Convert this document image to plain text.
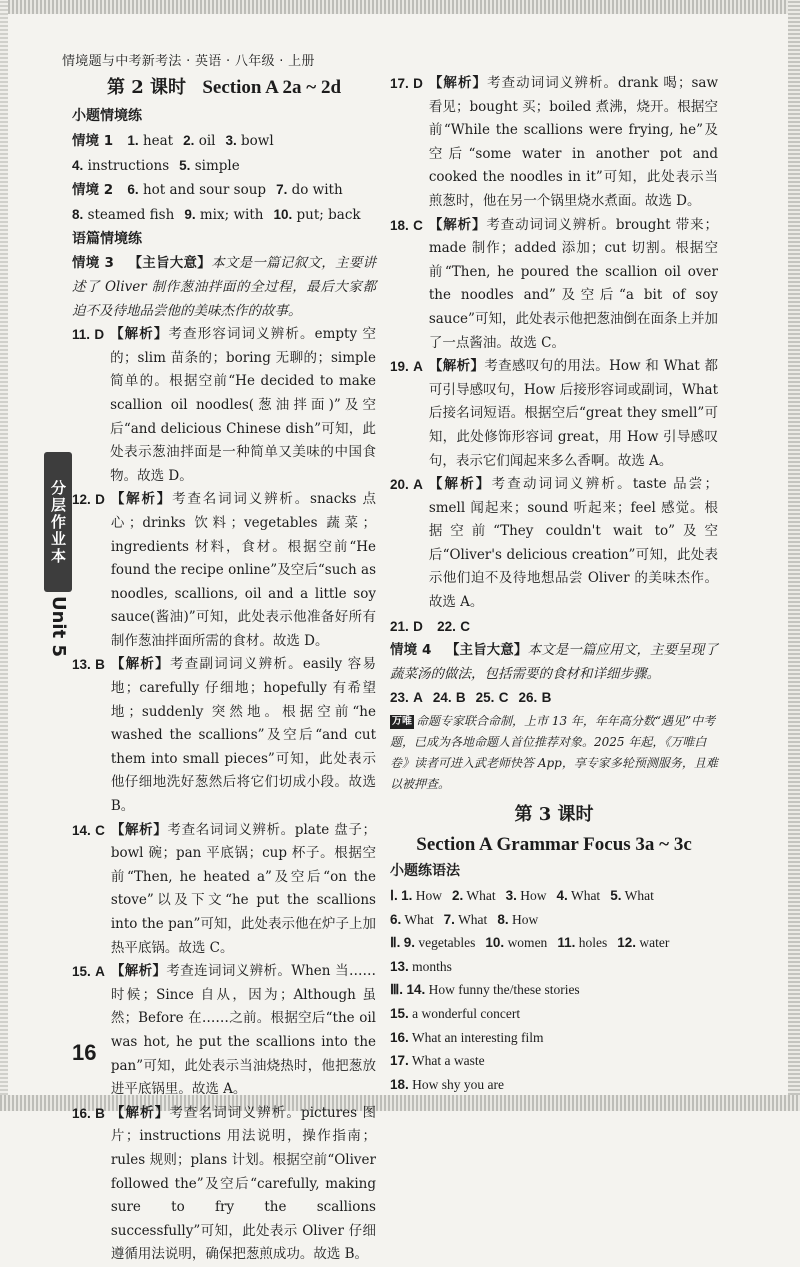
情境题与中考新考法 · 英语 · 八年级 · 上册
分层作业本
Unit 5
16
第 2 课时 Section A 2a ~ 2d
小题情境练
情境 1 1. heat 2. oil 3. bowl
4. instructions 5. simple
情境 2 6. hot and sour soup 7. do with
8. steamed fish 9. mix; with 10. put; back
语篇情境练
情境 3 【主旨大意】本文是一篇记叙文，主要讲述了 Oliver 制作葱油拌面的全过程，最后大家都迫不及待地品尝他的美味杰作的故事。
11. D 【解析】考查形容词词义辨析。empty 空的；slim 苗条的；boring 无聊的；simple 简单的。根据空前“He decided to make scallion oil noodles(葱油拌面)”及空后“and delicious Chinese dish”可知，此处表示葱油拌面是一种简单又美味的中国食物。故选 D。
12. D 【解析】考查名词词义辨析。snacks 点心；drinks 饮料；vegetables 蔬菜；ingredients 材料，食材。根据空前“He found the recipe online”及空后“such as noodles, scallions, oil and a little soy sauce(酱油)”可知，此处表示他准备好所有制作葱油拌面所需的食材。故选 D。
13. B 【解析】考查副词词义辨析。easily 容易地；carefully 仔细地；hopefully 有希望地；suddenly 突然地。根据空前“he washed the scallions”及空后“and cut them into small pieces”可知，此处表示他仔细地洗好葱然后将它们切成小段。故选 B。
14. C 【解析】考查名词词义辨析。plate 盘子；bowl 碗；pan 平底锅；cup 杯子。根据空前“Then, he heated a”及空后“on the stove”以及下文“he put the scallions into the pan”可知，此处表示他在炉子上加热平底锅。故选 C。
15. A 【解析】考查连词词义辨析。When 当……时候；Since 自从，因为；Although 虽然；Before 在……之前。根据空后“the oil was hot, he put the scallions into the pan”可知，此处表示当油烧热时，他把葱放进平底锅里。故选 A。
16. B 【解析】考查名词词义辨析。pictures 图片；instructions 用法说明，操作指南；rules 规则；plans 计划。根据空前“Oliver followed the”及空后“carefully, making sure to fry the scallions successfully”可知，此处表示 Oliver 仔细遵循用法说明，确保把葱煎成功。故选 B。
17. D 【解析】考查动词词义辨析。drank 喝；saw 看见；bought 买；boiled 煮沸，烧开。根据空前“While the scallions were frying, he”及空后“some water in another pot and cooked the noodles in it”可知，此处表示当煎葱时，他在另一个锅里烧水煮面。故选 D。
18. C 【解析】考查动词词义辨析。brought 带来；made 制作；added 添加；cut 切割。根据空前“Then, he poured the scallion oil over the noodles and”及空后“a bit of soy sauce”可知，此处表示他把葱油倒在面条上并加了一点酱油。故选 C。
19. A 【解析】考查感叹句的用法。How 和 What 都可引导感叹句，How 后接形容词或副词，What 后接名词短语。根据空后“great they smell”可知，此处修饰形容词 great，用 How 引导感叹句，表示它们闻起来多么香啊。故选 A。
20. A 【解析】考查动词词义辨析。taste 品尝；smell 闻起来；sound 听起来；feel 感觉。根据空前“They couldn't wait to”及空后“Oliver's delicious creation”可知，此处表示他们迫不及待地想品尝 Oliver 的美味杰作。故选 A。
21. D 22. C
情境 4 【主旨大意】本文是一篇应用文，主要呈现了蔬菜汤的做法，包括需要的食材和详细步骤。
23. A 24. B 25. C 26. B
万唯 命题专家联合命制，上市 13 年，年年高分数“遇见”中考题，已成为各地命题人首位推荐对象。2025 年起，《万唯白卷》读者可进入武老师快答 App，享专家多轮预测服务，且难以被押查。
第 3 课时
Section A Grammar Focus 3a ~ 3c
小题练语法
Ⅰ. 1. How 2. What 3. How 4. What 5. What
6. What 7. What 8. How
Ⅱ. 9. vegetables 10. women 11. holes 12. water
13. months
Ⅲ. 14. How funny the/these stories
15. a wonderful concert
16. What an interesting film
17. What a waste
18. How shy you are
